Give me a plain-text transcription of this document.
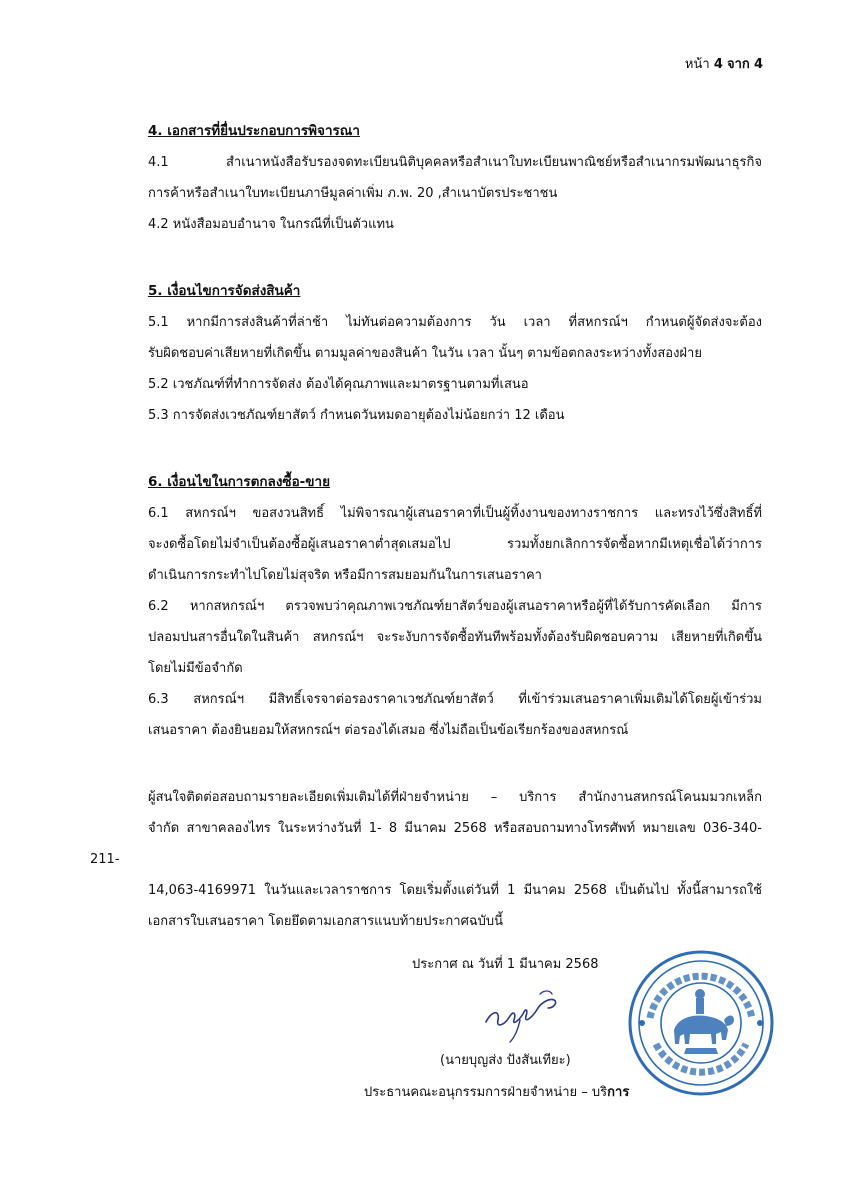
หน้า 4 จาก 4

4. เอกสารที่ยื่นประกอบการพิจารณา

4.1 สำเนาหนังสือรับรองจดทะเบียนนิติบุคคลหรือสำเนาใบทะเบียนพาณิชย์หรือสำเนากรมพัฒนาธุรกิจ
การค้าหรือสำเนาใบทะเบียนภาษีมูลค่าเพิ่ม ภ.พ. 20 ,สำเนาบัตรประชาชน

4.2 หนังสือมอบอำนาจ ในกรณีที่เป็นตัวแทน

5. เงื่อนไขการจัดส่งสินค้า

5.1 หากมีการส่งสินค้าที่ล่าช้า ไม่ทันต่อความต้องการ วัน เวลา ที่สหกรณ์ฯ กำหนดผู้จัดส่งจะต้อง
รับผิดชอบค่าเสียหายที่เกิดขึ้น ตามมูลค่าของสินค้า ในวัน เวลา นั้นๆ ตามข้อตกลงระหว่างทั้งสองฝ่าย

5.2 เวชภัณฑ์ที่ทำการจัดส่ง ต้องได้คุณภาพและมาตรฐานตามที่เสนอ

5.3 การจัดส่งเวชภัณฑ์ยาสัตว์ กำหนดวันหมดอายุต้องไม่น้อยกว่า 12 เดือน

6. เงื่อนไขในการตกลงซื้อ-ขาย

6.1 สหกรณ์ฯ ขอสงวนสิทธิ์ ไม่พิจารณาผู้เสนอราคาที่เป็นผู้ทิ้งงานของทางราชการ และทรงไว้ซึ่งสิทธิ์ที่
จะงดซื้อโดยไม่จำเป็นต้องซื้อผู้เสนอราคาต่ำสุดเสมอไป รวมทั้งยกเลิกการจัดซื้อหากมีเหตุเชื่อได้ว่าการ
ดำเนินการกระทำไปโดยไม่สุจริต หรือมีการสมยอมกันในการเสนอราคา

6.2 หากสหกรณ์ฯ ตรวจพบว่าคุณภาพเวชภัณฑ์ยาสัตว์ของผู้เสนอราคาหรือผู้ที่ได้รับการคัดเลือก มีการ
ปลอมปนสารอื่นใดในสินค้า สหกรณ์ฯ จะระงับการจัดซื้อทันทีพร้อมทั้งต้องรับผิดชอบความ เสียหายที่เกิดขึ้น
โดยไม่มีข้อจำกัด

6.3 สหกรณ์ฯ มีสิทธิ์เจรจาต่อรองราคาเวชภัณฑ์ยาสัตว์ ที่เข้าร่วมเสนอราคาเพิ่มเติมได้โดยผู้เข้าร่วม
เสนอราคา ต้องยินยอมให้สหกรณ์ฯ ต่อรองได้เสมอ ซึ่งไม่ถือเป็นข้อเรียกร้องของสหกรณ์

ผู้สนใจติดต่อสอบถามรายละเอียดเพิ่มเติมได้ที่ฝ่ายจำหน่าย – บริการ สำนักงานสหกรณ์โคนมมวกเหล็ก
จำกัด สาขาคลองไทร ในระหว่างวันที่ 1- 8 มีนาคม 2568 หรือสอบถามทางโทรศัพท์ หมายเลข 036-340-211-
14,063-4169971 ในวันและเวลาราชการ โดยเริ่มตั้งแต่วันที่ 1 มีนาคม 2568 เป็นต้นไป ทั้งนี้สามารถใช้
เอกสารใบเสนอราคา โดยยึดตามเอกสารแนบท้ายประกาศฉบับนี้

ประกาศ ณ วันที่ 1 มีนาคม 2568
(นายบุญส่ง ปังสันเทียะ)
ประธานคณะอนุกรรมการฝ่ายจำหน่าย – บริการ
